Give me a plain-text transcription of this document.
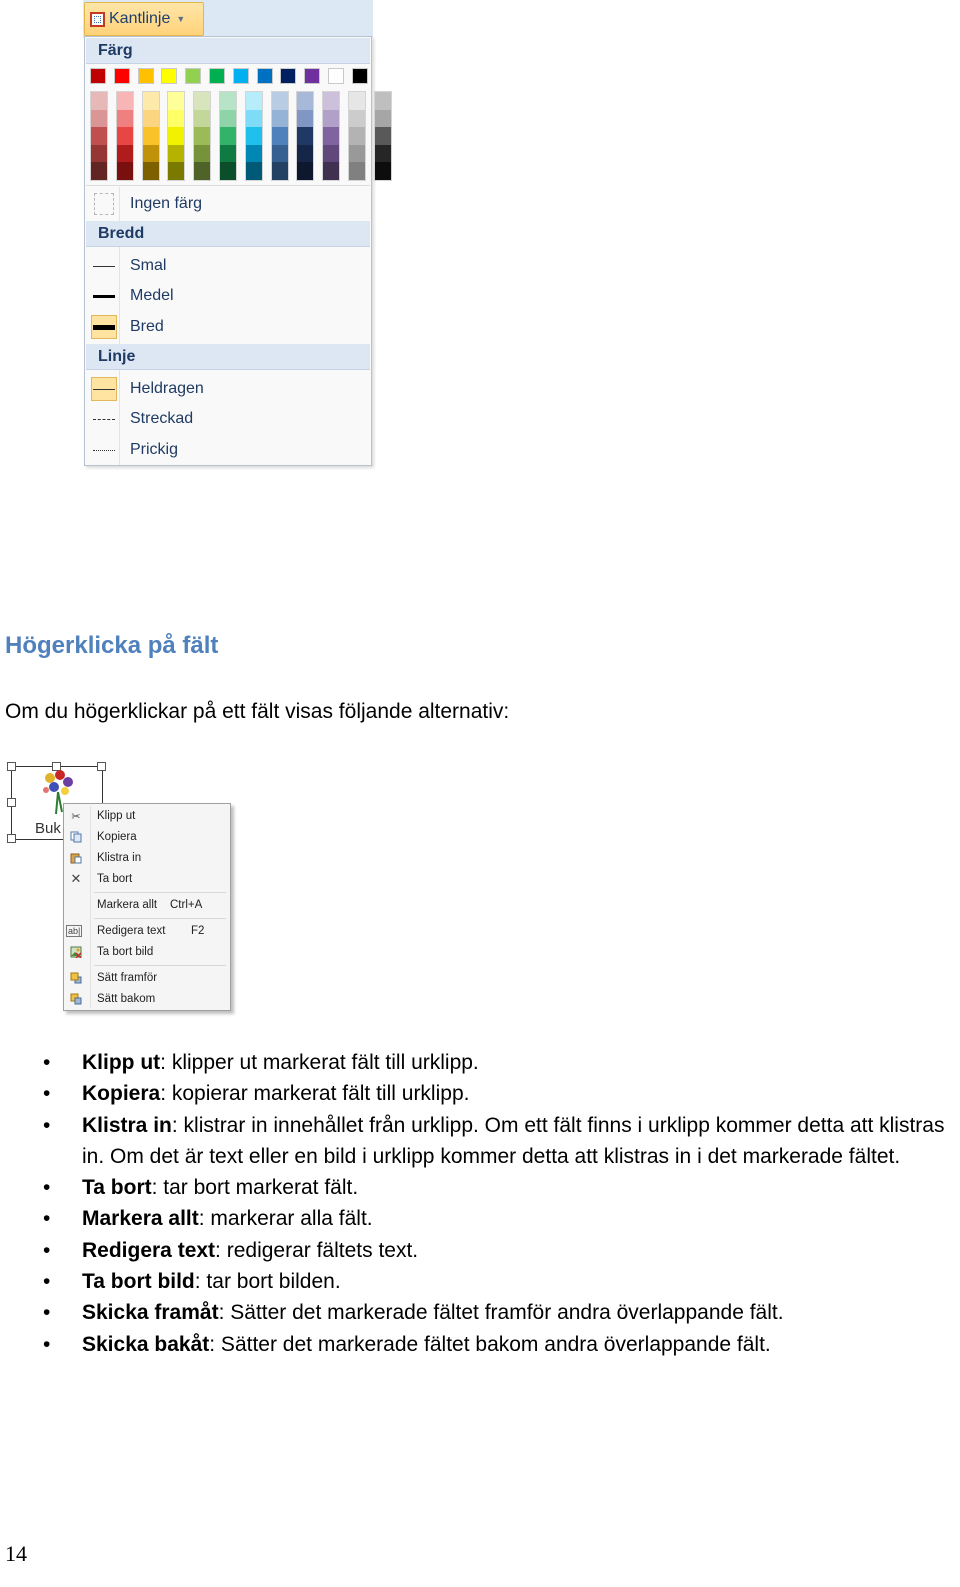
Kantlinje ▼
Färg
Ingen färg
Bredd
Smal
Medel
Bred
Linje
Heldragen
Streckad
Prickig
Högerklicka på fält

Om du högerklickar på ett fält visas följande alternativ:

Buk
✂	Klipp ut
Kopiera
Klistra in
✕	Ta bort
Markera allt Ctrl+A
ab| Redigera text F2
Ta bort bild
Sätt framför
Sätt bakom
• Klipp ut: klipper ut markerat fält till urklipp.
• Kopiera: kopierar markerat fält till urklipp.
• Klistra in: klistrar in innehållet från urklipp. Om ett fält finns i urklipp kommer detta att klistras in. Om det är text eller en bild i urklipp kommer detta att klistras in i det markerade fältet.
• Ta bort: tar bort markerat fält.
• Markera allt: markerar alla fält.
• Redigera text: redigerar fältets text.
• Ta bort bild: tar bort bilden.
• Skicka framåt: Sätter det markerade fältet framför andra överlappande fält.
• Skicka bakåt: Sätter det markerade fältet bakom andra överlappande fält.
14
